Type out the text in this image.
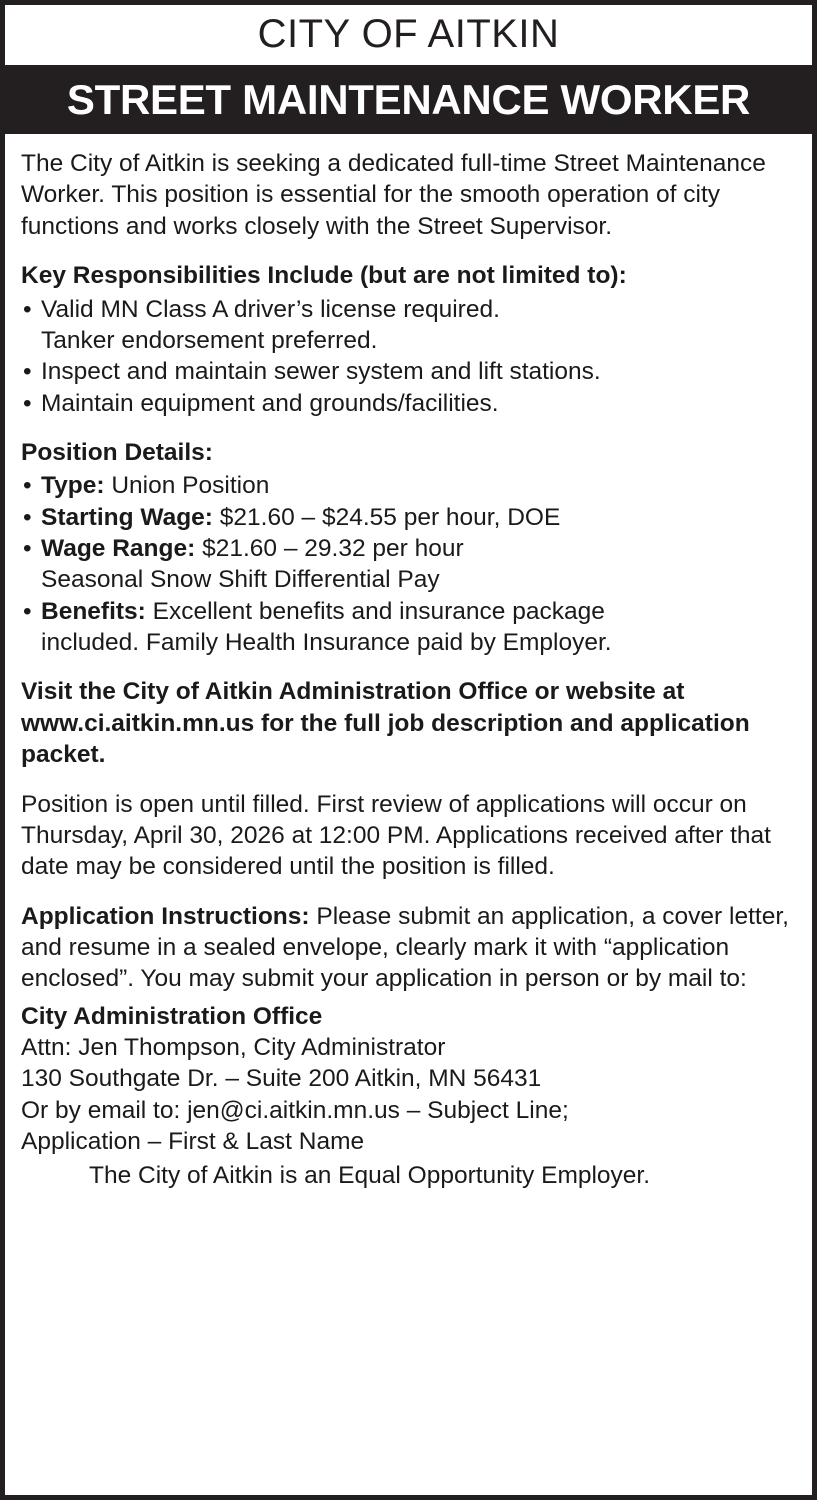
CITY OF AITKIN
STREET MAINTENANCE WORKER

The City of Aitkin is seeking a dedicated full-time Street Maintenance Worker. This position is essential for the smooth operation of city functions and works closely with the Street Supervisor.

Key Responsibilities Include (but are not limited to):
• Valid MN Class A driver’s license required.
Tanker endorsement preferred.
• Inspect and maintain sewer system and lift stations.
• Maintain equipment and grounds/facilities.
Position Details:
• Type: Union Position
• Starting Wage: $21.60 – $24.55 per hour, DOE
• Wage Range: $21.60 – 29.32 per hour
Seasonal Snow Shift Differential Pay
• Benefits: Excellent benefits and insurance package
included. Family Health Insurance paid by Employer.

Visit the City of Aitkin Administration Office or website at www.ci.aitkin.mn.us for the full job description and application packet.

Position is open until filled. First review of applications will occur on Thursday, April 30, 2026 at 12:00 PM. Applications received after that date may be considered until the position is filled.

Application Instructions: Please submit an application, a cover letter, and resume in a sealed envelope, clearly mark it with “application enclosed”. You may submit your application in person or by mail to:

City Administration Office

Attn: Jen Thompson, City Administrator

130 Southgate Dr. – Suite 200 Aitkin, MN 56431

Or by email to: jen@ci.aitkin.mn.us – Subject Line;

Application – First & Last Name

The City of Aitkin is an Equal Opportunity Employer.
